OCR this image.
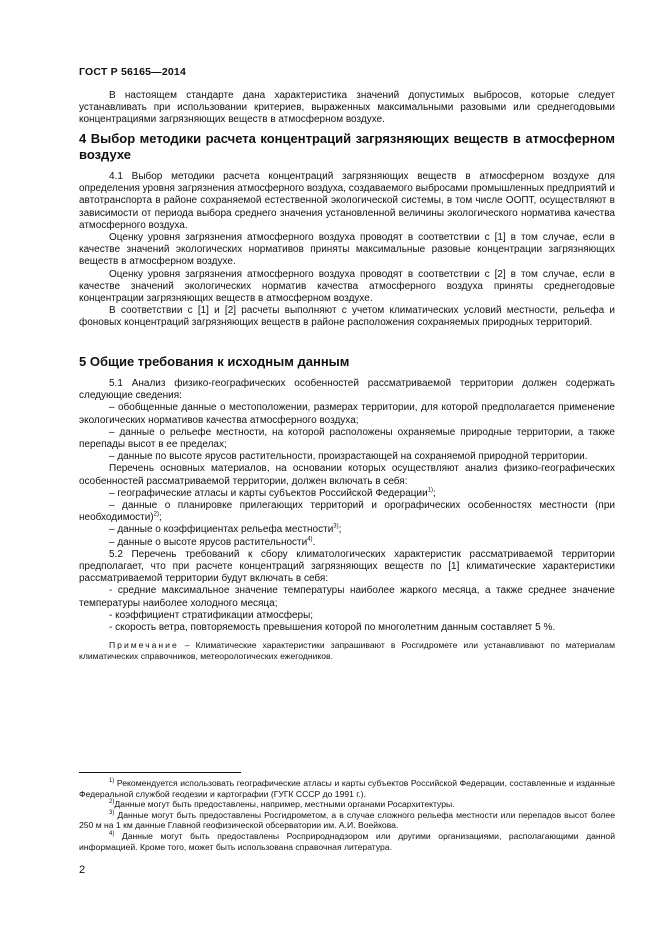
ГОСТ Р 56165—2014

В настоящем стандарте дана характеристика значений допустимых выбросов, которые следует устанавливать при использовании критериев, выраженных максимальными разовыми или среднегодовыми концентрациями загрязняющих веществ в атмосферном воздухе.

4 Выбор методики расчета концентраций загрязняющих веществ в атмосферном воздухе

4.1 Выбор методики расчета концентраций загрязняющих веществ в атмосферном воздухе для определения уровня загрязнения атмосферного воздуха, создаваемого выбросами промышленных предприятий и автотранспорта в районе сохраняемой естественной экологической системы, в том числе ООПТ, осуществляют в зависимости от периода выбора среднего значения установленной величины экологического норматива качества атмосферного воздуха.

Оценку уровня загрязнения атмосферного воздуха проводят в соответствии с [1] в том случае, если в качестве значений экологических нормативов приняты максимальные разовые концентрации загрязняющих веществ в атмосферном воздухе.

Оценку уровня загрязнения атмосферного воздуха проводят в соответствии с [2] в том случае, если в качестве значений экологических норматив качества атмосферного воздуха приняты среднегодовые концентрации загрязняющих веществ в атмосферном воздухе.

В соответствии с [1] и [2] расчеты выполняют с учетом климатических условий местности, рельефа и фоновых концентраций загрязняющих веществ в районе расположения сохраняемых природных территорий.

5 Общие требования к исходным данным

5.1 Анализ физико-географических особенностей рассматриваемой территории должен содержать следующие сведения:

– обобщенные данные о местоположении, размерах территории, для которой предполагается применение экологических нормативов качества атмосферного воздуха;

– данные о рельефе местности, на которой расположены охраняемые природные территории, а также перепады высот в ее пределах;

– данные по высоте ярусов растительности, произрастающей на сохраняемой природной территории.

Перечень основных материалов, на основании которых осуществляют анализ физико-географических особенностей рассматриваемой территории, должен включать в себя:

– географические атласы и карты субъектов Российской Федерации$^{1)}$;

– данные о планировке прилегающих территорий и орографических особенностях местности (при необходимости)$^{2)}$;

– данные о коэффициентах рельефа местности$^{3)}$;

– данные о высоте ярусов растительности$^{4)}$.

5.2 Перечень требований к сбору климатологических характеристик рассматриваемой территории предполагает, что при расчете концентраций загрязняющих веществ по [1] климатические характеристики рассматриваемой территории будут включать в себя:

- средние максимальное значение температуры наиболее жаркого месяца, а также среднее значение температуры наиболее холодного месяца;

- коэффициент стратификации атмосферы;

- скорость ветра, повторяемость превышения которой по многолетним данным составляет 5 %.

Примечание – Климатические характеристики запрашивают в Росгидромете или устанавливают по материалам климатических справочников, метеорологических ежегодников.

$^{1)}$ Рекомендуется использовать географические атласы и карты субъектов Российской Федерации, составленные и изданные Федеральной службой геодезии и картографии (ГУГК СССР до 1991 г.).

$^{2)}$Данные могут быть предоставлены, например, местными органами Росархитектуры.

$^{3)}$ Данные могут быть предоставлены Росгидрометом, а в случае сложного рельефа местности или перепадов высот более 250 м на 1 км данные Главной геофизической обсерватории им. А.И. Воейкова.

$^{4)}$ Данные могут быть предоставлены Росприроднадзором или другими организациями, располагающими данной информацией. Кроме того, может быть использована справочная литература.

2
